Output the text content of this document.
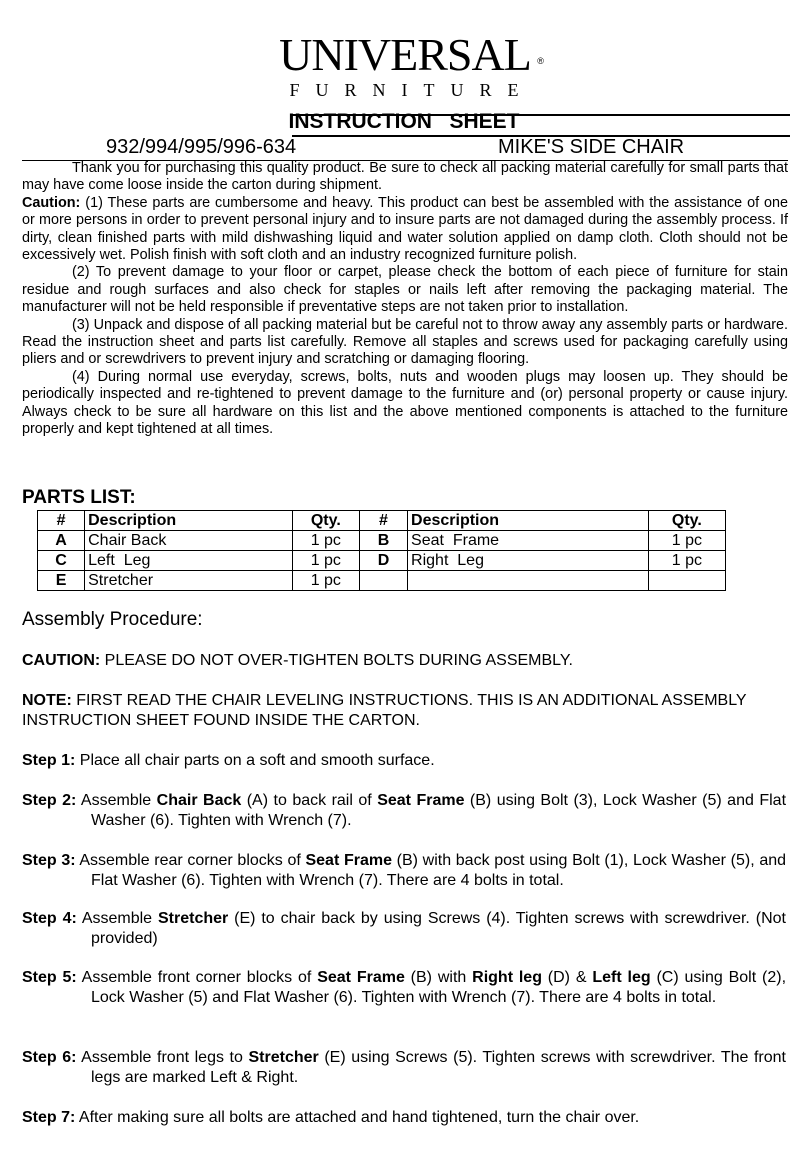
UNIVERSAL ®
FURNITURE
INSTRUCTION   SHEET
932/994/995/996-634	MIKE'S SIDE CHAIR

Thank you for purchasing this quality product. Be sure to check all packing material carefully for small parts that may have come loose inside the carton during shipment.

Caution: (1) These parts are cumbersome and heavy. This product can best be assembled with the assistance of one or more persons in order to prevent personal injury and to insure parts are not damaged during the assembly process. If dirty, clean finished parts with mild dishwashing liquid and water solution applied on damp cloth. Cloth should not be excessively wet. Polish finish with soft cloth and an industry recognized furniture polish.

(2) To prevent damage to your floor or carpet, please check the bottom of each piece of furniture for stain residue and rough surfaces and also check for staples or nails left after removing the packaging material. The manufacturer will not be held responsible if preventative steps are not taken prior to installation.

(3) Unpack and dispose of all packing material but be careful not to throw away any assembly parts or hardware. Read the instruction sheet and parts list carefully. Remove all staples and screws used for packaging carefully using pliers and or screwdrivers to prevent injury and scratching or damaging flooring.

(4) During normal use everyday, screws, bolts, nuts and wooden plugs may loosen up. They should be periodically inspected and re-tightened to prevent damage to the furniture and (or) personal property or cause injury. Always check to be sure all hardware on this list and the above mentioned components is attached to the furniture properly and kept tightened at all times.

PARTS LIST:
#	Description	Qty.	#	Description	Qty.
A	Chair Back	1 pc	B	Seat  Frame	1 pc
C	Left  Leg	1 pc	D	Right  Leg	1 pc
E	Stretcher	1 pc			
Assembly Procedure:

CAUTION: PLEASE DO NOT OVER-TIGHTEN BOLTS DURING ASSEMBLY.

NOTE: FIRST READ THE CHAIR LEVELING INSTRUCTIONS. THIS IS AN ADDITIONAL ASSEMBLY INSTRUCTION SHEET FOUND INSIDE THE CARTON.

Step 1: Place all chair parts on a soft and smooth surface.

Step 2: Assemble Chair Back (A) to back rail of Seat Frame (B) using Bolt (3), Lock Washer (5) and Flat Washer (6). Tighten with Wrench (7).

Step 3: Assemble rear corner blocks of Seat Frame (B) with back post using Bolt (1), Lock Washer (5), and Flat Washer (6). Tighten with Wrench (7). There are 4 bolts in total.

Step 4: Assemble Stretcher (E) to chair back by using Screws (4). Tighten screws with screwdriver. (Not provided)

Step 5: Assemble front corner blocks of Seat Frame (B) with Right leg (D) & Left leg (C) using Bolt (2), Lock Washer (5) and Flat Washer (6). Tighten with Wrench (7). There are 4 bolts in total.

Step 6: Assemble front legs to Stretcher (E) using Screws (5). Tighten screws with screwdriver. The front legs are marked Left & Right.

Step 7: After making sure all bolts are attached and hand tightened, turn the chair over.
